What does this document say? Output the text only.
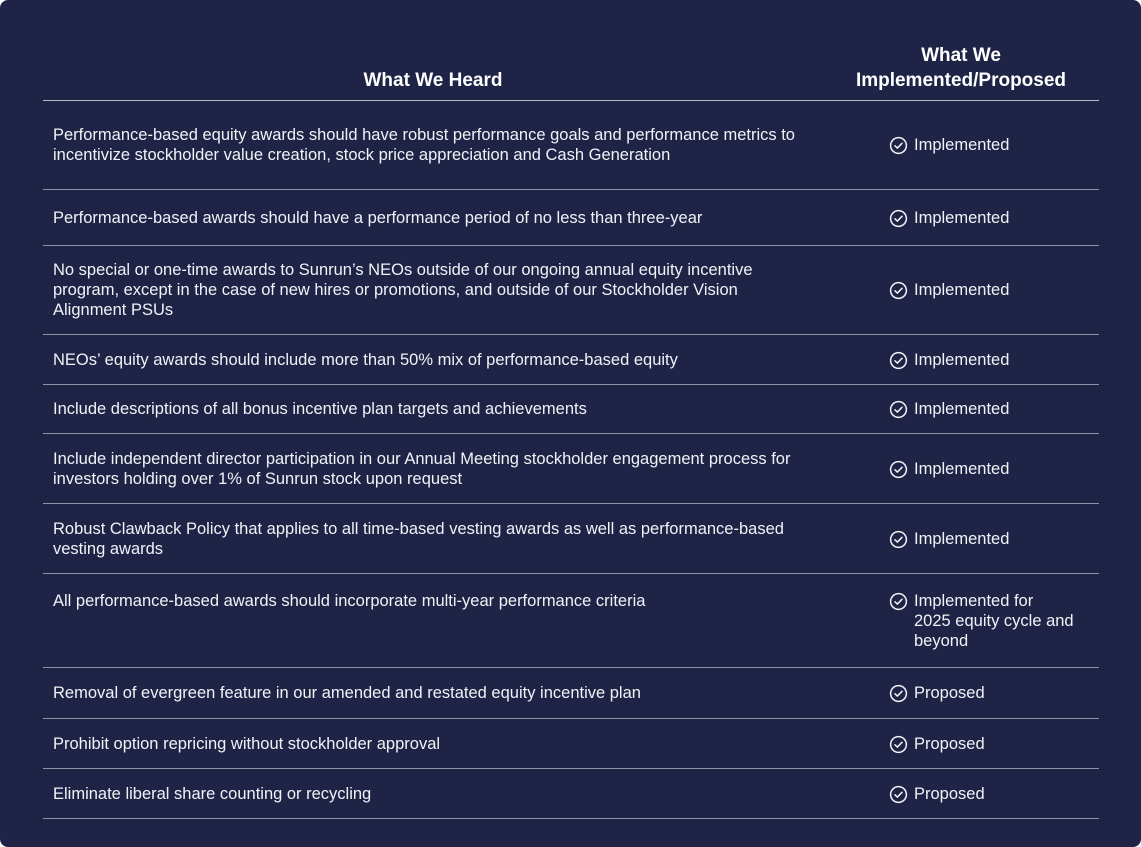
What We Heard	What We Implemented/Proposed

Performance-based equity awards should have robust performance goals and performance metrics to incentivize stockholder value creation, stock price appreciation and Cash Generation	Implemented

Performance-based awards should have a performance period of no less than three-year	Implemented

No special or one-time awards to Sunrun’s NEOs outside of our ongoing annual equity incentive program, except in the case of new hires or promotions, and outside of our Stockholder Vision Alignment PSUs	Implemented

NEOs’ equity awards should include more than 50% mix of performance-based equity	Implemented

Include descriptions of all bonus incentive plan targets and achievements	Implemented

Include independent director participation in our Annual Meeting stockholder engagement process for investors holding over 1% of Sunrun stock upon request	Implemented

Robust Clawback Policy that applies to all time-based vesting awards as well as performance-based vesting awards	Implemented

All performance-based awards should incorporate multi-year performance criteria	Implemented for 2025 equity cycle and beyond

Removal of evergreen feature in our amended and restated equity incentive plan	Proposed

Prohibit option repricing without stockholder approval	Proposed

Eliminate liberal share counting or recycling	Proposed
